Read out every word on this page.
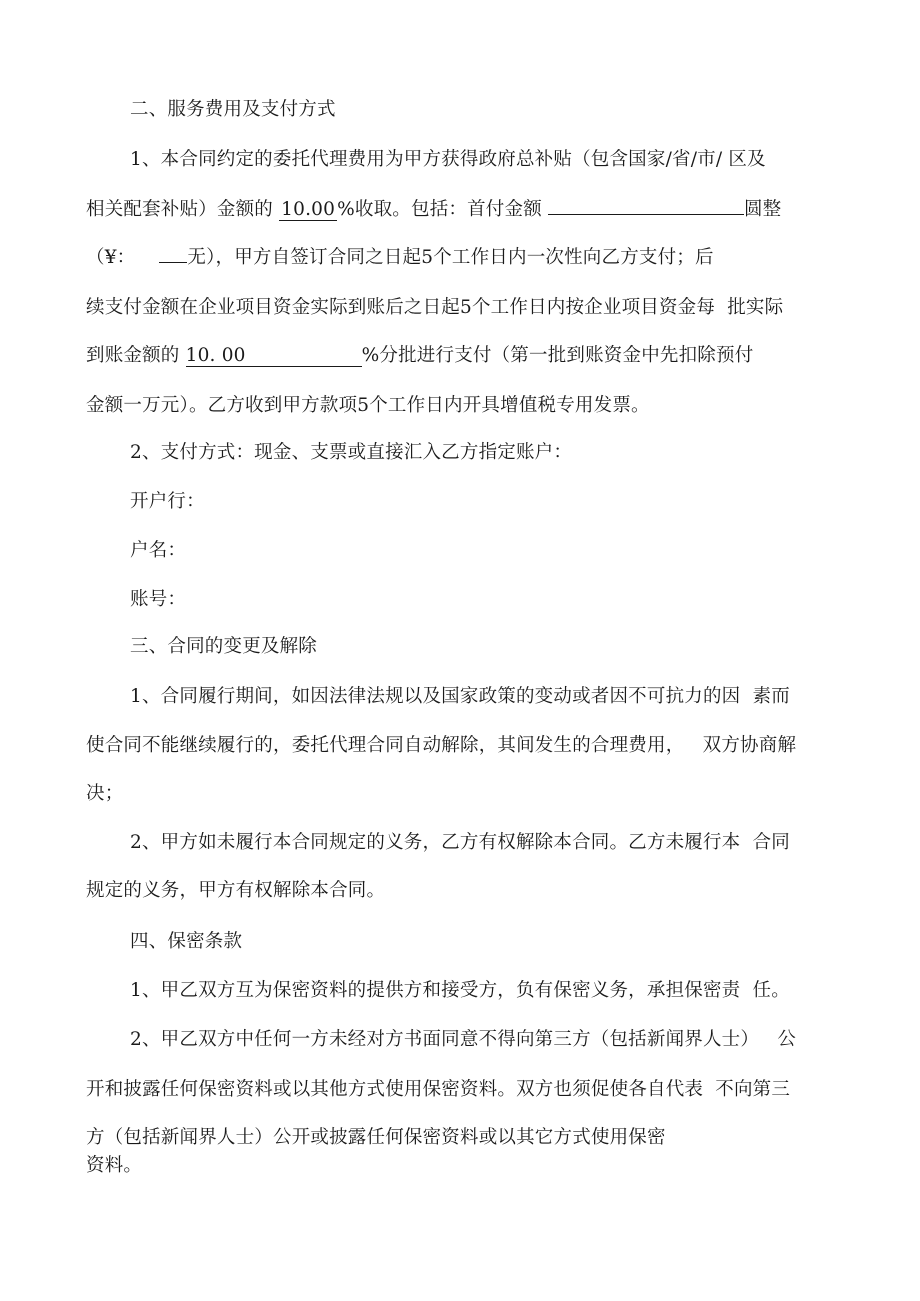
二、服务费用及支付方式
1、本合同约定的委托代理费用为甲方获得政府总补贴（包含国家/省/市/ 区及
相关配套补贴）金额的 10.00 %收取。包括：首付金额	圆整
（¥：	无），甲方自签订合同之日起5个工作日内一次性向乙方支付；后
续支付金额在企业项目资金实际到账后之日起5个工作日内按企业项目资金每  批实际
到账金额的 10. 00	%分批进行支付（第一批到账资金中先扣除预付
金额一万元）。乙方收到甲方款项5个工作日内开具增值税专用发票。
2、支付方式：现金、支票或直接汇入乙方指定账户：
开户行：
户名：
账号：
三、合同的变更及解除
1、合同履行期间，如因法律法规以及国家政策的变动或者因不可抗力的因  素而
使合同不能继续履行的，委托代理合同自动解除，其间发生的合理费用，   双方协商解
决；
2、甲方如未履行本合同规定的义务，乙方有权解除本合同。乙方未履行本  合同
规定的义务，甲方有权解除本合同。
四、保密条款
1、甲乙双方互为保密资料的提供方和接受方，负有保密义务，承担保密责  任。
2、甲乙双方中任何一方未经对方书面同意不得向第三方（包括新闻界人士）   公
开和披露任何保密资料或以其他方式使用保密资料。双方也须促使各自代表  不向第三
方（包括新闻界人士）公开或披露任何保密资料或以其它方式使用保密
资料。
